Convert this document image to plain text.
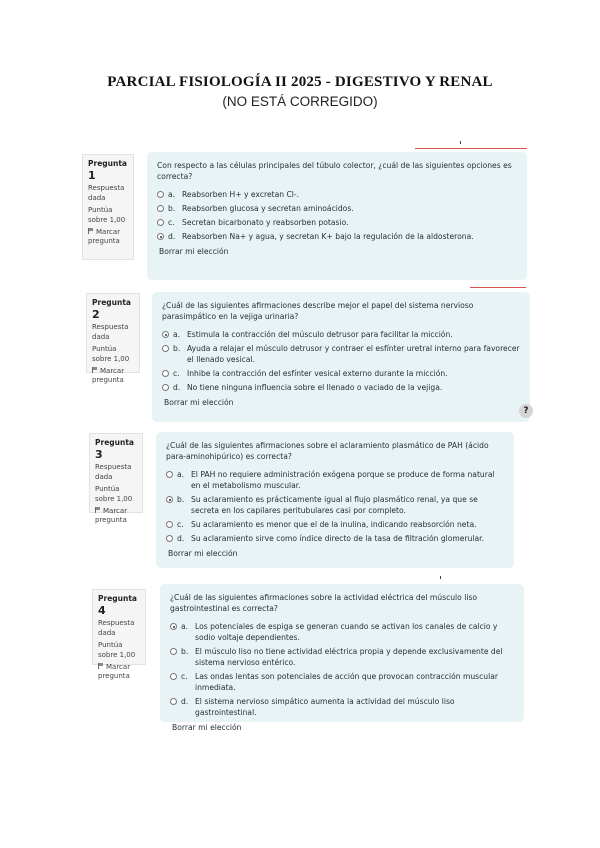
PARCIAL FISIOLOGÍA II 2025 - DIGESTIVO Y RENAL
(NO ESTÁ CORREGIDO)
Pregunta 1
Respuesta dada
Puntúa sobre 1,00
Marcar pregunta
Con respecto a las células principales del túbulo colector, ¿cuál de las siguientes opciones es correcta?
a. Reabsorben H+ y excretan Cl-.
b. Reabsorben glucosa y secretan aminoácidos.
c. Secretan bicarbonato y reabsorben potasio.
d. Reabsorben Na+ y agua, y secretan K+ bajo la regulación de la aldosterona.
Borrar mi elección
Pregunta 2
Respuesta dada
Puntúa sobre 1,00
Marcar pregunta
¿Cuál de las siguientes afirmaciones describe mejor el papel del sistema nervioso parasimpático en la vejiga urinaria?
a. Estimula la contracción del músculo detrusor para facilitar la micción.
b. Ayuda a relajar el músculo detrusor y contraer el esfínter uretral interno para favorecer el llenado vesical.
c. Inhibe la contracción del esfínter vesical externo durante la micción.
d. No tiene ninguna influencia sobre el llenado o vaciado de la vejiga.
Borrar mi elección
?
Pregunta 3
Respuesta dada
Puntúa sobre 1,00
Marcar pregunta
¿Cuál de las siguientes afirmaciones sobre el aclaramiento plasmático de PAH (ácido para-aminohipúrico) es correcta?
a. El PAH no requiere administración exógena porque se produce de forma natural en el metabolismo muscular.
b. Su aclaramiento es prácticamente igual al flujo plasmático renal, ya que se secreta en los capilares peritubulares casi por completo.
c. Su aclaramiento es menor que el de la inulina, indicando reabsorción neta.
d. Su aclaramiento sirve como índice directo de la tasa de filtración glomerular.
Borrar mi elección
Pregunta 4
Respuesta dada
Puntúa sobre 1,00
Marcar pregunta
¿Cuál de las siguientes afirmaciones sobre la actividad eléctrica del músculo liso gastrointestinal es correcta?
a. Los potenciales de espiga se generan cuando se activan los canales de calcio y sodio voltaje dependientes.
b. El músculo liso no tiene actividad eléctrica propia y depende exclusivamente del sistema nervioso entérico.
c. Las ondas lentas son potenciales de acción que provocan contracción muscular inmediata.
d. El sistema nervioso simpático aumenta la actividad del músculo liso gastrointestinal.
Borrar mi elección
